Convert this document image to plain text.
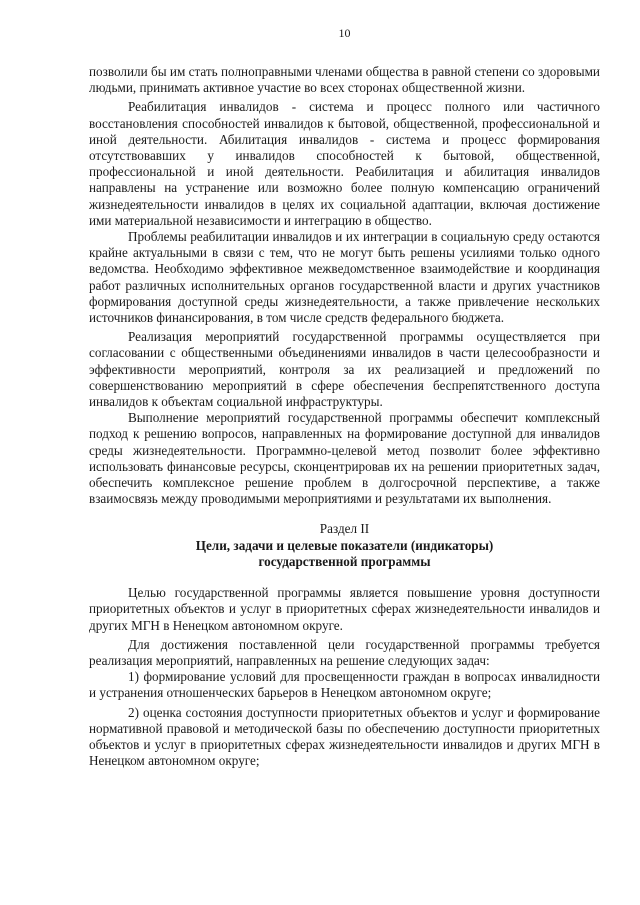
10

позволили бы им стать полноправными членами общества в равной степени со здоровыми людьми, принимать активное участие во всех сторонах общественной жизни.

Реабилитация инвалидов - система и процесс полного или частичного восстановления способностей инвалидов к бытовой, общественной, профессиональной и иной деятельности. Абилитация инвалидов - система и процесс формирования отсутствовавших у инвалидов способностей к бытовой, общественной, профессиональной и иной деятельности. Реабилитация и абилитация инвалидов направлены на устранение или возможно более полную компенсацию ограничений жизнедеятельности инвалидов в целях их социальной адаптации, включая достижение ими материальной независимости и интеграцию в общество.

Проблемы реабилитации инвалидов и их интеграции в социальную среду остаются крайне актуальными в связи с тем, что не могут быть решены усилиями только одного ведомства. Необходимо эффективное межведомственное взаимодействие и координация работ различных исполнительных органов государственной власти и других участников формирования доступной среды жизнедеятельности, а также привлечение нескольких источников финансирования, в том числе средств федерального бюджета.

Реализация мероприятий государственной программы осуществляется при согласовании с общественными объединениями инвалидов в части целесообразности и эффективности мероприятий, контроля за их реализацией и предложений по совершенствованию мероприятий в сфере обеспечения беспрепятственного доступа инвалидов к объектам социальной инфраструктуры.

Выполнение мероприятий государственной программы обеспечит комплексный подход к решению вопросов, направленных на формирование доступной для инвалидов среды жизнедеятельности. Программно-целевой метод позволит более эффективно использовать финансовые ресурсы, сконцентрировав их на решении приоритетных задач, обеспечить комплексное решение проблем в долгосрочной перспективе, а также взаимосвязь между проводимыми мероприятиями и результатами их выполнения.

Раздел II
Цели, задачи и целевые показатели (индикаторы)
государственной программы

Целью государственной программы является повышение уровня доступности приоритетных объектов и услуг в приоритетных сферах жизнедеятельности инвалидов и других МГН в Ненецком автономном округе.

Для достижения поставленной цели государственной программы требуется реализация мероприятий, направленных на решение следующих задач:

1) формирование условий для просвещенности граждан в вопросах инвалидности и устранения отношенческих барьеров в Ненецком автономном округе;

2) оценка состояния доступности приоритетных объектов и услуг и формирование нормативной правовой и методической базы по обеспечению доступности приоритетных объектов и услуг в приоритетных сферах жизнедеятельности инвалидов и других МГН в Ненецком автономном округе;
